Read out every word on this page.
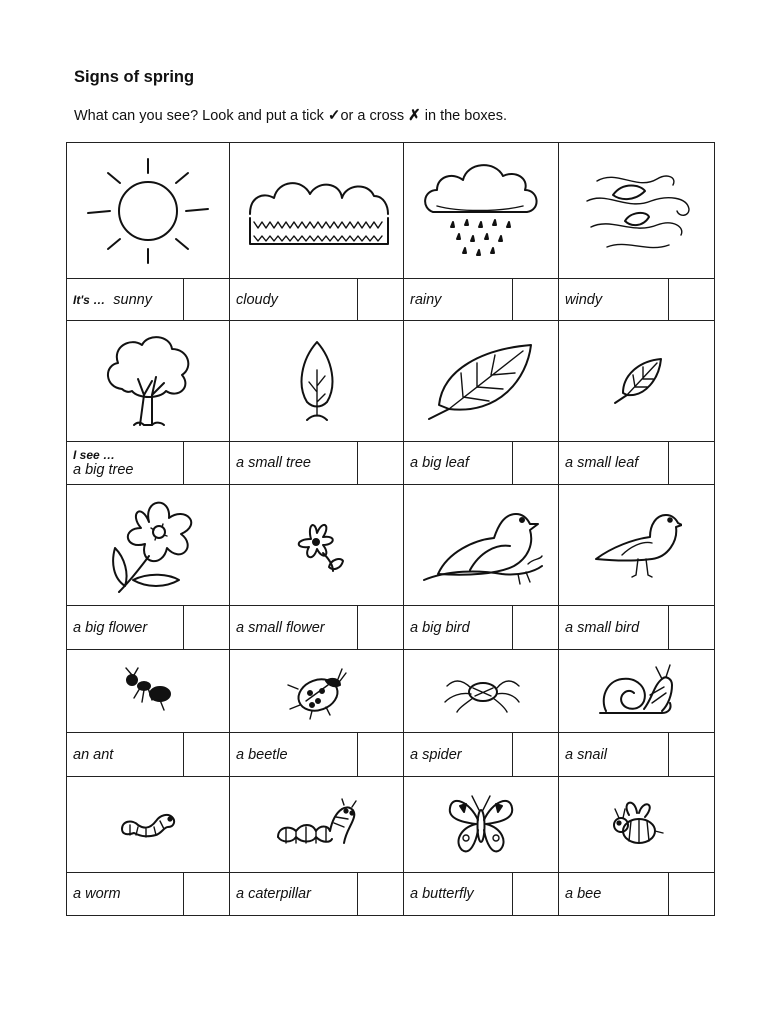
Signs of spring
What can you see? Look and put a tick ✓or a cross ✗ in the boxes.

It's … sunny		cloudy		rainy		windy	

I see …
a big tree		a small tree		a big leaf		a small leaf	

a big flower		a small flower		a big bird		a small bird	

an ant		a beetle		a spider		a snail	

a worm		a caterpillar		a butterfly		a bee	
